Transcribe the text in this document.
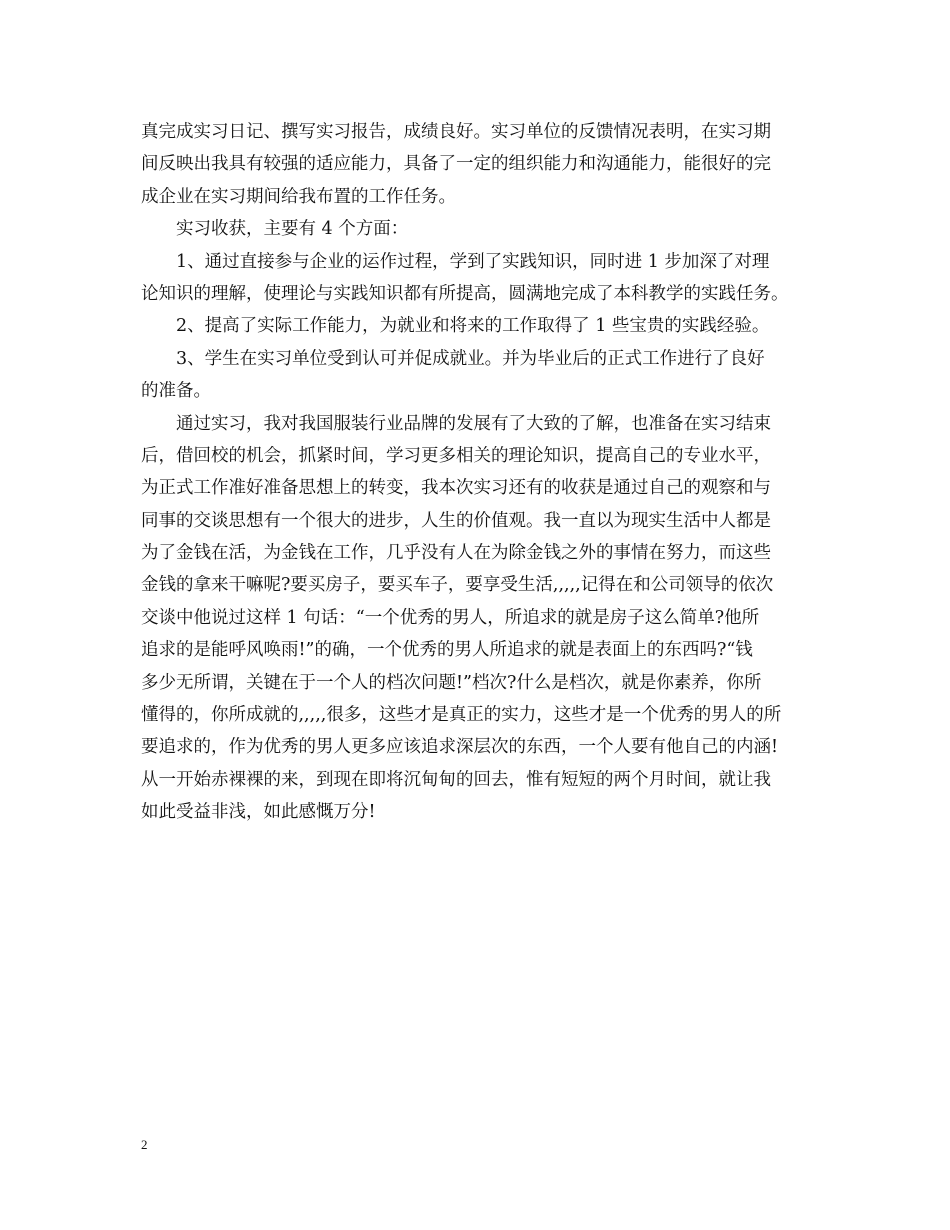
真完成实习日记、撰写实习报告，成绩良好。实习单位的反馈情况表明，在实习期
间反映出我具有较强的适应能力，具备了一定的组织能力和沟通能力，能很好的完
成企业在实习期间给我布置的工作任务。
实习收获，主要有 4 个方面：
1、通过直接参与企业的运作过程，学到了实践知识，同时进 1 步加深了对理
论知识的理解，使理论与实践知识都有所提高，圆满地完成了本科教学的实践任务。
2、提高了实际工作能力，为就业和将来的工作取得了 1 些宝贵的实践经验。
3、学生在实习单位受到认可并促成就业。并为毕业后的正式工作进行了良好
的准备。
通过实习，我对我国服装行业品牌的发展有了大致的了解，也准备在实习结束
后，借回校的机会，抓紧时间，学习更多相关的理论知识，提高自己的专业水平，
为正式工作准好准备思想上的转变，我本次实习还有的收获是通过自己的观察和与
同事的交谈思想有一个很大的进步，人生的价值观。我一直以为现实生活中人都是
为了金钱在活，为金钱在工作，几乎没有人在为除金钱之外的事情在努力，而这些
金钱的拿来干嘛呢?要买房子，要买车子，要享受生活,,,,,记得在和公司领导的依次
交谈中他说过这样 1 句话：“一个优秀的男人，所追求的就是房子这么简单?他所
追求的是能呼风唤雨!”的确，一个优秀的男人所追求的就是表面上的东西吗?“钱
多少无所谓，关键在于一个人的档次问题!”档次?什么是档次，就是你素养，你所
懂得的，你所成就的,,,,,很多，这些才是真正的实力，这些才是一个优秀的男人的所
要追求的，作为优秀的男人更多应该追求深层次的东西，一个人要有他自己的内涵!
从一开始赤裸裸的来，到现在即将沉甸甸的回去，惟有短短的两个月时间，就让我
如此受益非浅，如此感慨万分!
2
